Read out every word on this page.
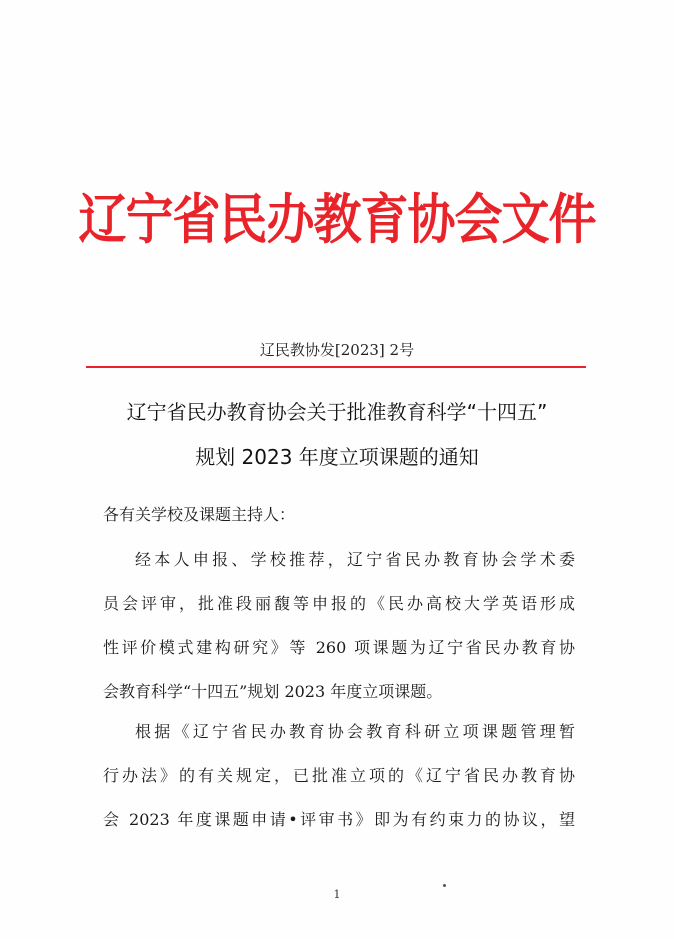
辽宁省民办教育协会文件
辽民教协发[2023] 2号
辽宁省民办教育协会关于批准教育科学“十四五”
规划 2023 年度立项课题的通知
各有关学校及课题主持人：
经本人申报、学校推荐，辽宁省民办教育协会学术委
员会评审，批准段丽馥等申报的《民办高校大学英语形成
性评价模式建构研究》等 260 项课题为辽宁省民办教育协
会教育科学“十四五”规划 2023 年度立项课题。
根据《辽宁省民办教育协会教育科研立项课题管理暂
行办法》的有关规定，已批准立项的《辽宁省民办教育协
会 2023 年度课题申请•评审书》即为有约束力的协议，望
1
